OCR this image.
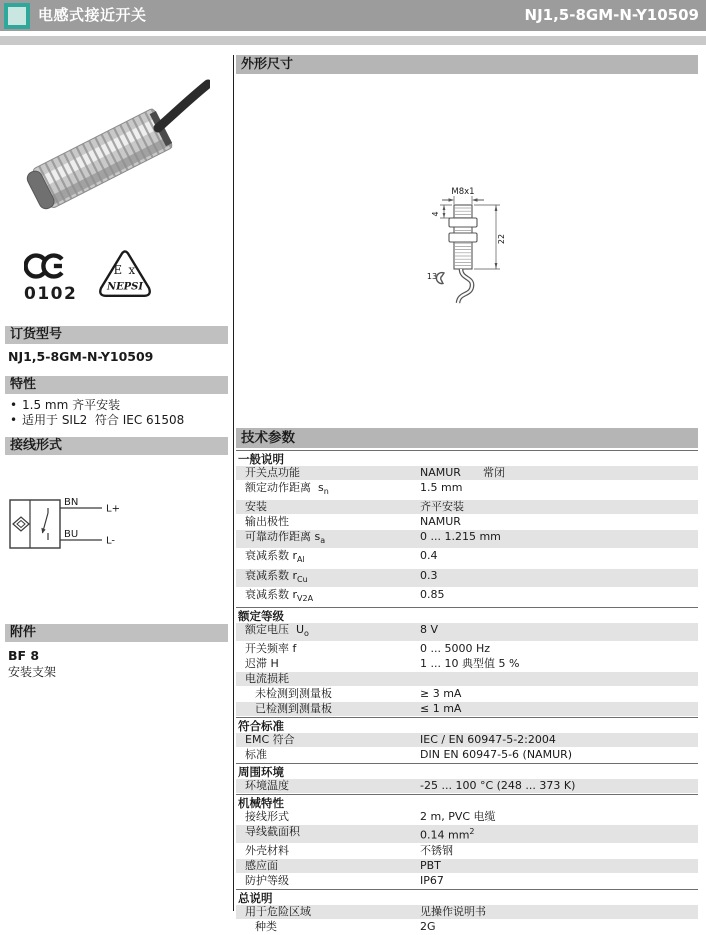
电感式接近开关	NJ1,5-8GM-N-Y10509
0102
E x
NEPSI
订货型号
NJ1,5-8GM-N-Y10509
特性
• 1.5 mm 齐平安装
• 适用于 SIL2  符合 IEC 61508
接线形式
BN
BU
L+
L-
附件
BF 8
安装支架
外形尺寸
M8x1
4
22
13
技术参数
一般说明
开关点功能	NAMUR　　常闭
额定动作距离  $s_n$	1.5 mm
安装	齐平安装
输出极性	NAMUR
可靠动作距离 $s_a$	0 ... 1.215 mm
衰减系数 $r_{Al}$	0.4
衰减系数 $r_{Cu}$	0.3
衰减系数 $r_{V2A}$	0.85
额定等级
额定电压  $U_o$	8 V
开关频率 f	0 ... 5000 Hz
迟滞 H	1 ... 10 典型值 5 %
电流损耗
未检测到测量板	≥ 3 mA
已检测到测量板	≤ 1 mA
符合标准
EMC 符合	IEC / EN 60947-5-2:2004
标准	DIN EN 60947-5-6 (NAMUR)
周围环境
环境温度	-25 ... 100 °C (248 ... 373 K)
机械特性
接线形式	2 m, PVC 电缆
导线截面积	0.14 $mm^2$
外壳材料	不锈钢
感应面	PBT
防护等级	IP67
总说明
用于危险区域	见操作说明书
种类	2G
